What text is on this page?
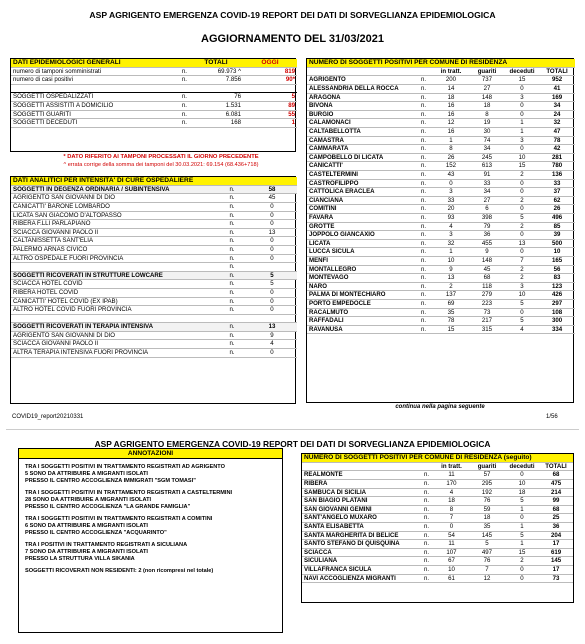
ASP AGRIGENTO EMERGENZA COVID-19 REPORT DEI DATI DI SORVEGLIANZA EPIDEMIOLOGICA
AGGIORNAMENTO DEL 31/03/2021
DATI EPIDEMIOLOGICI GENERALI		TOTALI	OGGI
numero di tamponi somministrati	n.	69.973 ^	819
numero di casi positivi	n.	7.856	90*

SOGGETTI OSPEDALIZZATI	n.	76	5
SOGGETTI ASSISTITI A DOMICILIO	n.	1.531	89
SOGGETTI GUARITI	n.	6.081	55
SOGGETTI DECEDUTI	n.	168	1
* DATO RIFERITO AI TAMPONI PROCESSATI IL GIORNO PRECEDENTE
^ errata corrige della somma dei tamponi del 30.03.2021: 69.154 (68.436+718)
DATI ANALITICI PER INTENSITA' DI CURE OSPEDALIERE		
SOGGETTI IN DEGENZA ORDINARIA / SUBINTENSIVA	n.	58
AGRIGENTO SAN GIOVANNI DI DIO	n.	45
CANICATTI' BARONE LOMBARDO	n.	0
LICATA SAN GIACOMO D'ALTOPASSO	n.	0
RIBERA F.LLI PARLAPIANO	n.	0
SCIACCA GIOVANNI PAOLO II	n.	13
CALTANISSETTA SANT'ELIA	n.	0
PALERMO ARNAS CIVICO	n.	0
ALTRO OSPEDALE FUORI PROVINCIA	n.	0
	n.	
SOGGETTI RICOVERATI IN STRUTTURE LOWCARE	n.	5
SCIACCA HOTEL COVID	n.	5
RIBERA HOTEL COVID	n.	0
CANICATTI' HOTEL COVID (EX IPAB)	n.	0
ALTRO HOTEL COVID FUORI PROVINCIA	n.	0

SOGGETTI RICOVERATI IN TERAPIA INTENSIVA	n.	13
AGRIGENTO SAN GIOVANNI DI DIO	n.	9
SCIACCA GIOVANNI PAOLO II	n.	4
ALTRA TERAPIA INTENSIVA FUORI PROVINCIA	n.	0
NUMERO DI SOGGETTI POSITIVI PER COMUNE DI RESIDENZA					
		in tratt.	guariti	deceduti	TOTALI
AGRIGENTO	n.	200	737	15	952
ALESSANDRIA DELLA ROCCA	n.	14	27	0	41
ARAGONA	n.	18	148	3	169
BIVONA	n.	16	18	0	34
BURGIO	n.	16	8	0	24
CALAMONACI	n.	12	19	1	32
CALTABELLOTTA	n.	16	30	1	47
CAMASTRA	n.	1	74	3	78
CAMMARATA	n.	8	34	0	42
CAMPOBELLO DI LICATA	n.	26	245	10	281
CANICATTI'	n.	152	613	15	780
CASTELTERMINI	n.	43	91	2	136
CASTROFILIPPO	n.	0	33	0	33
CATTOLICA ERACLEA	n.	3	34	0	37
CIANCIANA	n.	33	27	2	62
COMITINI	n.	20	6	0	26
FAVARA	n.	93	398	5	496
GROTTE	n.	4	79	2	85
JOPPOLO GIANCAXIO	n.	3	36	0	39
LICATA	n.	32	455	13	500
LUCCA SICULA	n.	1	9	0	10
MENFI	n.	10	148	7	165
MONTALLEGRO	n.	9	45	2	56
MONTEVAGO	n.	13	68	2	83
NARO	n.	2	118	3	123
PALMA DI MONTECHIARO	n.	137	279	10	426
PORTO EMPEDOCLE	n.	69	223	5	297
RACALMUTO	n.	35	73	0	108
RAFFADALI	n.	78	217	5	300
RAVANUSA	n.	15	315	4	334
continua nella pagina seguente
COVID19_report20210331	1/56
ASP AGRIGENTO EMERGENZA COVID-19 REPORT DEI DATI DI SORVEGLIANZA EPIDEMIOLOGICA
ANNOTAZIONI

TRA I SOGGETTI POSITIVI IN TRATTAMENTO REGISTRATI AD AGRIGENTO
5 SONO DA ATTRIBUIRE A MIGRANTI ISOLATI
PRESSO IL CENTRO ACCOGLIENZA IMMIGRATI "SGM TOMASI"

TRA I SOGGETTI POSITIVI IN TRATTAMENTO REGISTRATI A CASTELTERMINI
28 SONO DA ATTRIBUIRE A MIGRANTI ISOLATI
PRESSO IL CENTRO ACCOGLIENZA "LA GRANDE FAMIGLIA"

TRA I SOGGETTI POSITIVI IN TRATTAMENTO REGISTRATI A COMITINI
6 SONO DA ATTRIBUIRE A MIGRANTI ISOLATI
PRESSO IL CENTRO ACCOGLIENZA "ACQUARINTO"

TRA I POSITIVI IN TRATTAMENTO REGISTRATI A SICULIANA
7 SONO DA ATTRIBUIRE A MIGRANTI ISOLATI
PRESSO LA STRUTTURA VILLA SIKANIA

SOGGETTI RICOVERATI NON RESIDENTI: 2 (non ricompresi nel totale)

NUMERO DI SOGGETTI POSITIVI PER COMUNE DI RESIDENZA (seguito)					
		in tratt.	guariti	deceduti	TOTALI
REALMONTE	n.	11	57	0	68
RIBERA	n.	170	295	10	475
SAMBUCA DI SICILIA	n.	4	192	18	214
SAN BIAGIO PLATANI	n.	18	76	5	99
SAN GIOVANNI GEMINI	n.	8	59	1	68
SANT'ANGELO MUXARO	n.	7	18	0	25
SANTA ELISABETTA	n.	0	35	1	36
SANTA MARGHERITA DI BELICE	n.	54	145	5	204
SANTO STEFANO DI QUISQUINA	n.	11	5	1	17
SCIACCA	n.	107	497	15	619
SICULIANA	n.	67	76	2	145
VILLAFRANCA SICULA	n.	10	7	0	17
NAVI ACCOGLIENZA MIGRANTI	n.	61	12	0	73
